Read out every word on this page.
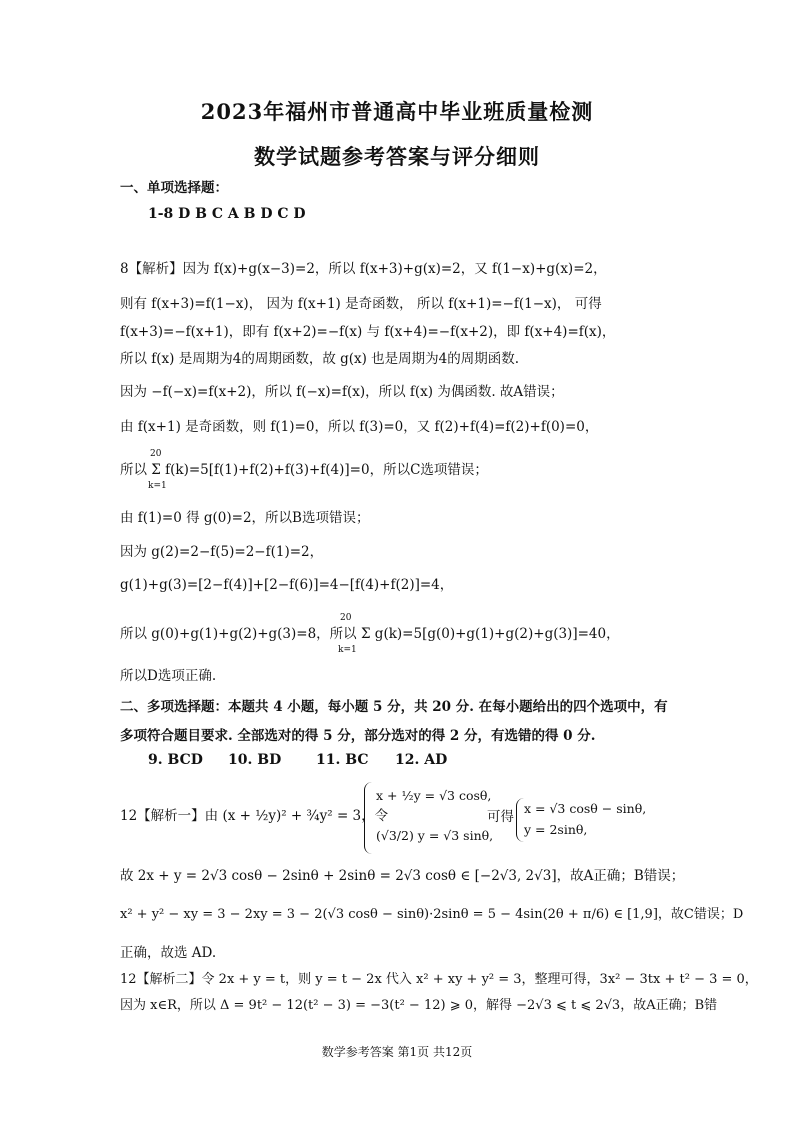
2023年福州市普通高中毕业班质量检测
数学试题参考答案与评分细则
一、单项选择题：
1-8 D B C A B D C D
8【解析】因为 f(x)+g(x−3)=2，所以 f(x+3)+g(x)=2，又 f(1−x)+g(x)=2，
则有 f(x+3)=f(1−x)， 因为 f(x+1) 是奇函数， 所以 f(x+1)=−f(1−x)， 可得
f(x+3)=−f(x+1)，即有 f(x+2)=−f(x) 与 f(x+4)=−f(x+2)，即 f(x+4)=f(x)，
所以 f(x) 是周期为4的周期函数，故 g(x) 也是周期为4的周期函数.
因为 −f(−x)=f(x+2)，所以 f(−x)=f(x)，所以 f(x) 为偶函数. 故A错误；
由 f(x+1) 是奇函数，则 f(1)=0，所以 f(3)=0，又 f(2)+f(4)=f(2)+f(0)=0，
所以 Σ f(k)=5[f(1)+f(2)+f(3)+f(4)]=0，所以C选项错误；
20
k=1
由 f(1)=0 得 g(0)=2，所以B选项错误；
因为 g(2)=2−f(5)=2−f(1)=2，
g(1)+g(3)=[2−f(4)]+[2−f(6)]=4−[f(4)+f(2)]=4，
所以 g(0)+g(1)+g(2)+g(3)=8，所以 Σ g(k)=5[g(0)+g(1)+g(2)+g(3)]=40，
20
k=1
所以D选项正确.
二、多项选择题：本题共 4 小题，每小题 5 分，共 20 分. 在每小题给出的四个选项中，有
多项符合题目要求. 全部选对的得 5 分，部分选对的得 2 分，有选错的得 0 分.
9. BCD 10. BD 11. BC 12. AD
12【解析一】由 (x + ½y)² + ¾y² = 3，令
x + ½y = √3 cosθ,
(√3/2) y = √3 sinθ,
可得
x = √3 cosθ − sinθ,
y = 2sinθ,
故 2x + y = 2√3 cosθ − 2sinθ + 2sinθ = 2√3 cosθ ∈ [−2√3, 2√3]，故A正确；B错误；
x² + y² − xy = 3 − 2xy = 3 − 2(√3 cosθ − sinθ)·2sinθ = 5 − 4sin(2θ + π/6) ∈ [1,9]，故C错误；D
正确，故选 AD.
12【解析二】令 2x + y = t，则 y = t − 2x 代入 x² + xy + y² = 3，整理可得，3x² − 3tx + t² − 3 = 0，
因为 x∈R，所以 Δ = 9t² − 12(t² − 3) = −3(t² − 12) ⩾ 0，解得 −2√3 ⩽ t ⩽ 2√3，故A正确；B错
数学参考答案 第1页 共12页
